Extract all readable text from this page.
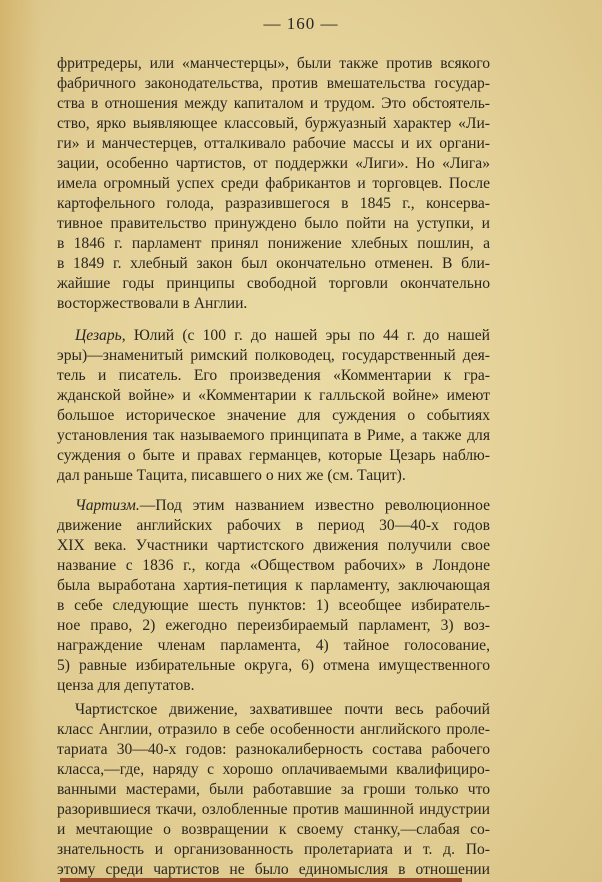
— 160 —
фритредеры, или «манчестерцы», были также против всякого
фабричного законодательства, против вмешательства государ-
ства в отношения между капиталом и трудом. Это обстоятель-
ство, ярко выявляющее классовый, буржуазный характер «Ли-
ги» и манчестерцев, отталкивало рабочие массы и их органи-
зации, особенно чартистов, от поддержки «Лиги». Но «Лига»
имела огромный успех среди фабрикантов и торговцев. После
картофельного голода, разразившегося в 1845 г., консерва-
тивное правительство принуждено было пойти на уступки, и
в 1846 г. парламент принял понижение хлебных пошлин, а
в 1849 г. хлебный закон был окончательно отменен. В бли-
жайшие годы принципы свободной торговли окончательно
восторжествовали в Англии.
Цезарь, Юлий (с 100 г. до нашей эры по 44 г. до нашей
эры)—знаменитый римский полководец, государственный дея-
тель и писатель. Его произведения «Комментарии к гра-
жданской войне» и «Комментарии к галльской войне» имеют
большое историческое значение для суждения о событиях
установления так называемого принципата в Риме, а также для
суждения о быте и правах германцев, которые Цезарь наблю-
дал раньше Тацита, писавшего о них же (см. Тацит).
Чартизм.—Под этим названием известно революционное
движение английских рабочих в период 30—40-х годов
XIX века. Участники чартистского движения получили свое
название с 1836 г., когда «Обществом рабочих» в Лондоне
была выработана хартия-петиция к парламенту, заключающая
в себе следующие шесть пунктов: 1) всеобщее избиратель-
ное право, 2) ежегодно переизбираемый парламент, 3) воз-
награждение членам парламента, 4) тайное голосование,
5) равные избирательные округа, 6) отмена имущественного
ценза для депутатов.
Чартистское движение, захватившее почти весь рабочий
класс Англии, отразило в себе особенности английского проле-
тариата 30—40-х годов: разнокалиберность состава рабочего
класса,—где, наряду с хорошо оплачиваемыми квалифициро-
ванными мастерами, были работавшие за гроши только что
разорившиеся ткачи, озлобленные против машинной индустрии
и мечтающие о возвращении к своему станку,—слабая со-
знательность и организованность пролетариата и т. д. По-
этому среди чартистов не было единомыслия в отношении
